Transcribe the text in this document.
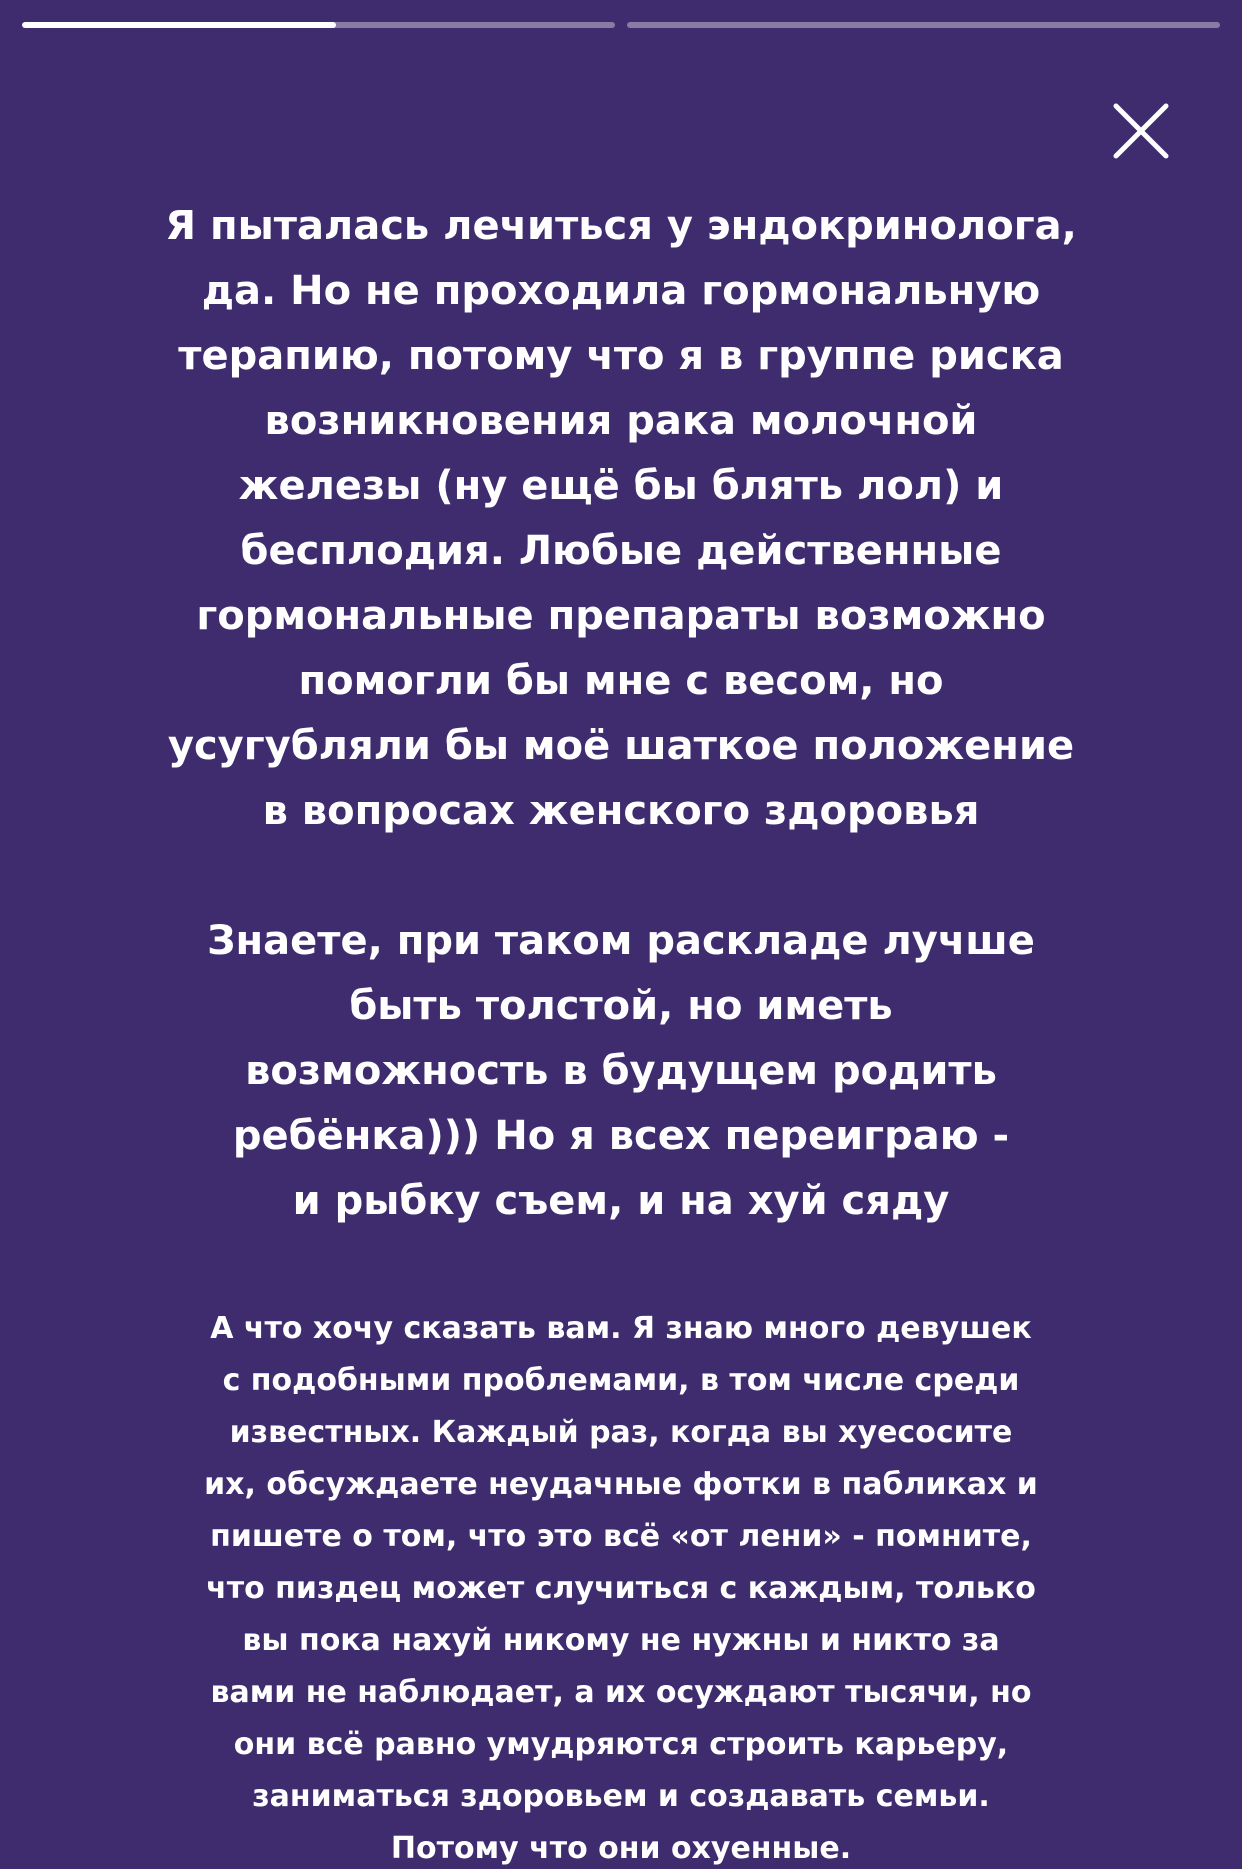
Я пыталась лечиться у эндокринолога,
да. Но не проходила гормональную
терапию, потому что я в группе риска
возникновения рака молочной
железы (ну ещё бы блять лол) и
бесплодия. Любые действенные
гормональные препараты возможно
помогли бы мне с весом, но
усугубляли бы моё шаткое положение
в вопросах женского здоровья

Знаете, при таком раскладе лучше
быть толстой, но иметь
возможность в будущем родить
ребёнка))) Но я всех переиграю -
и рыбку съем, и на хуй сяду

А что хочу сказать вам. Я знаю много девушек
с подобными проблемами, в том числе среди
известных. Каждый раз, когда вы хуесосите
их, обсуждаете неудачные фотки в пабликах и
пишете о том, что это всё «от лени» - помните,
что пиздец может случиться с каждым, только
вы пока нахуй никому не нужны и никто за
вами не наблюдает, а их осуждают тысячи, но
они всё равно умудряются строить карьеру,
заниматься здоровьем и создавать семьи.
Потому что они охуенные.
